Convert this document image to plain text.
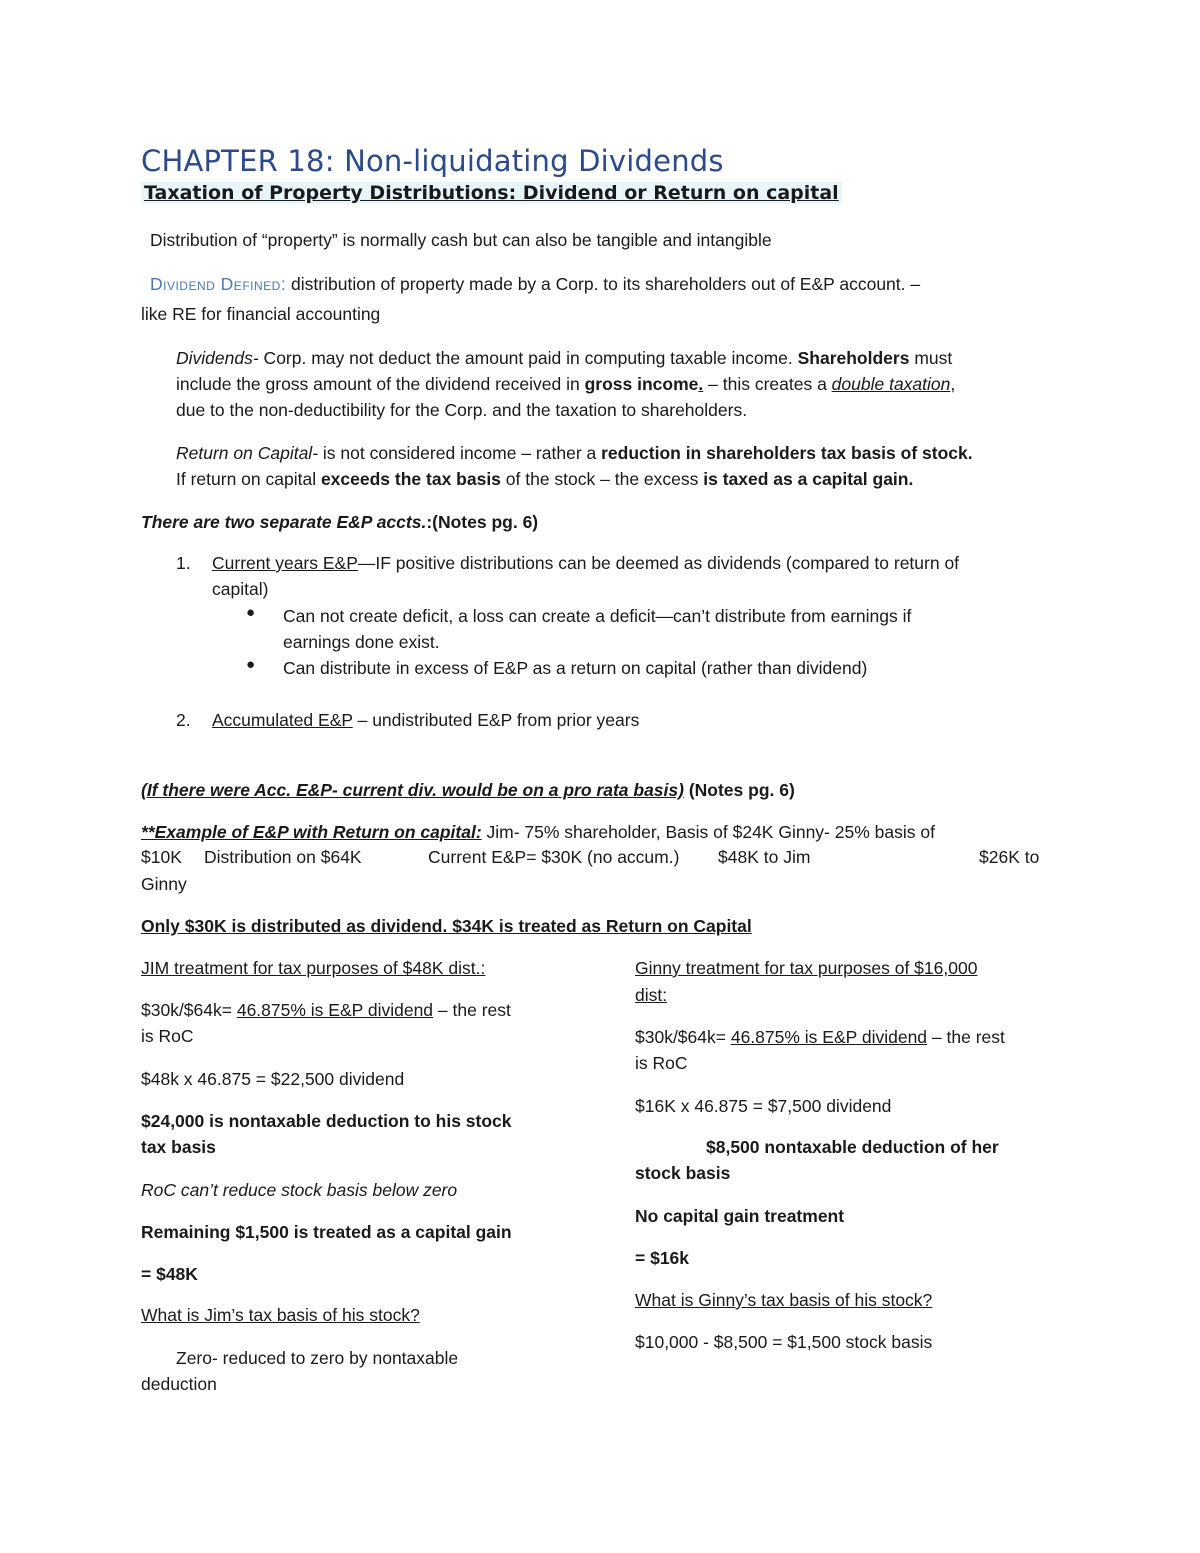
CHAPTER 18: Non-liquidating Dividends
Taxation of Property Distributions: Dividend or Return on capital
Distribution of “property” is normally cash but can also be tangible and intangible
Dividend Defined: distribution of property made by a Corp. to its shareholders out of E&P account. –
like RE for financial accounting
Dividends- Corp. may not deduct the amount paid in computing taxable income. Shareholders must
include the gross amount of the dividend received in gross income. – this creates a double taxation,
due to the non-deductibility for the Corp. and the taxation to shareholders.
Return on Capital- is not considered income – rather a reduction in shareholders tax basis of stock.
If return on capital exceeds the tax basis of the stock – the excess is taxed as a capital gain.
There are two separate E&P accts.:(Notes pg. 6)
1. Current years E&P—IF positive distributions can be deemed as dividends (compared to return of
capital)
● Can not create deficit, a loss can create a deficit—can’t distribute from earnings if
earnings done exist.
● Can distribute in excess of E&P as a return on capital (rather than dividend)
2. Accumulated E&P – undistributed E&P from prior years
(If there were Acc. E&P- current div. would be on a pro rata basis) (Notes pg. 6)
**Example of E&P with Return on capital: Jim- 75% shareholder, Basis of $24K Ginny- 25% basis of
$10K Distribution on $64K	Current E&P= $30K (no accum.) $48K to Jim	$26K to
Ginny
Only $30K is distributed as dividend. $34K is treated as Return on Capital
JIM treatment for tax purposes of $48K dist.:
$30k/$64k= 46.875% is E&P dividend – the rest
is RoC
$48k x 46.875 = $22,500 dividend
$24,000 is nontaxable deduction to his stock
tax basis
RoC can’t reduce stock basis below zero
Remaining $1,500 is treated as a capital gain
= $48K
What is Jim’s tax basis of his stock?
Zero- reduced to zero by nontaxable
deduction
Ginny treatment for tax purposes of $16,000
dist:
$30k/$64k= 46.875% is E&P dividend – the rest
is RoC
$16K x 46.875 = $7,500 dividend
$8,500 nontaxable deduction of her
stock basis
No capital gain treatment
= $16k
What is Ginny’s tax basis of his stock?
$10,000 - $8,500 = $1,500 stock basis
